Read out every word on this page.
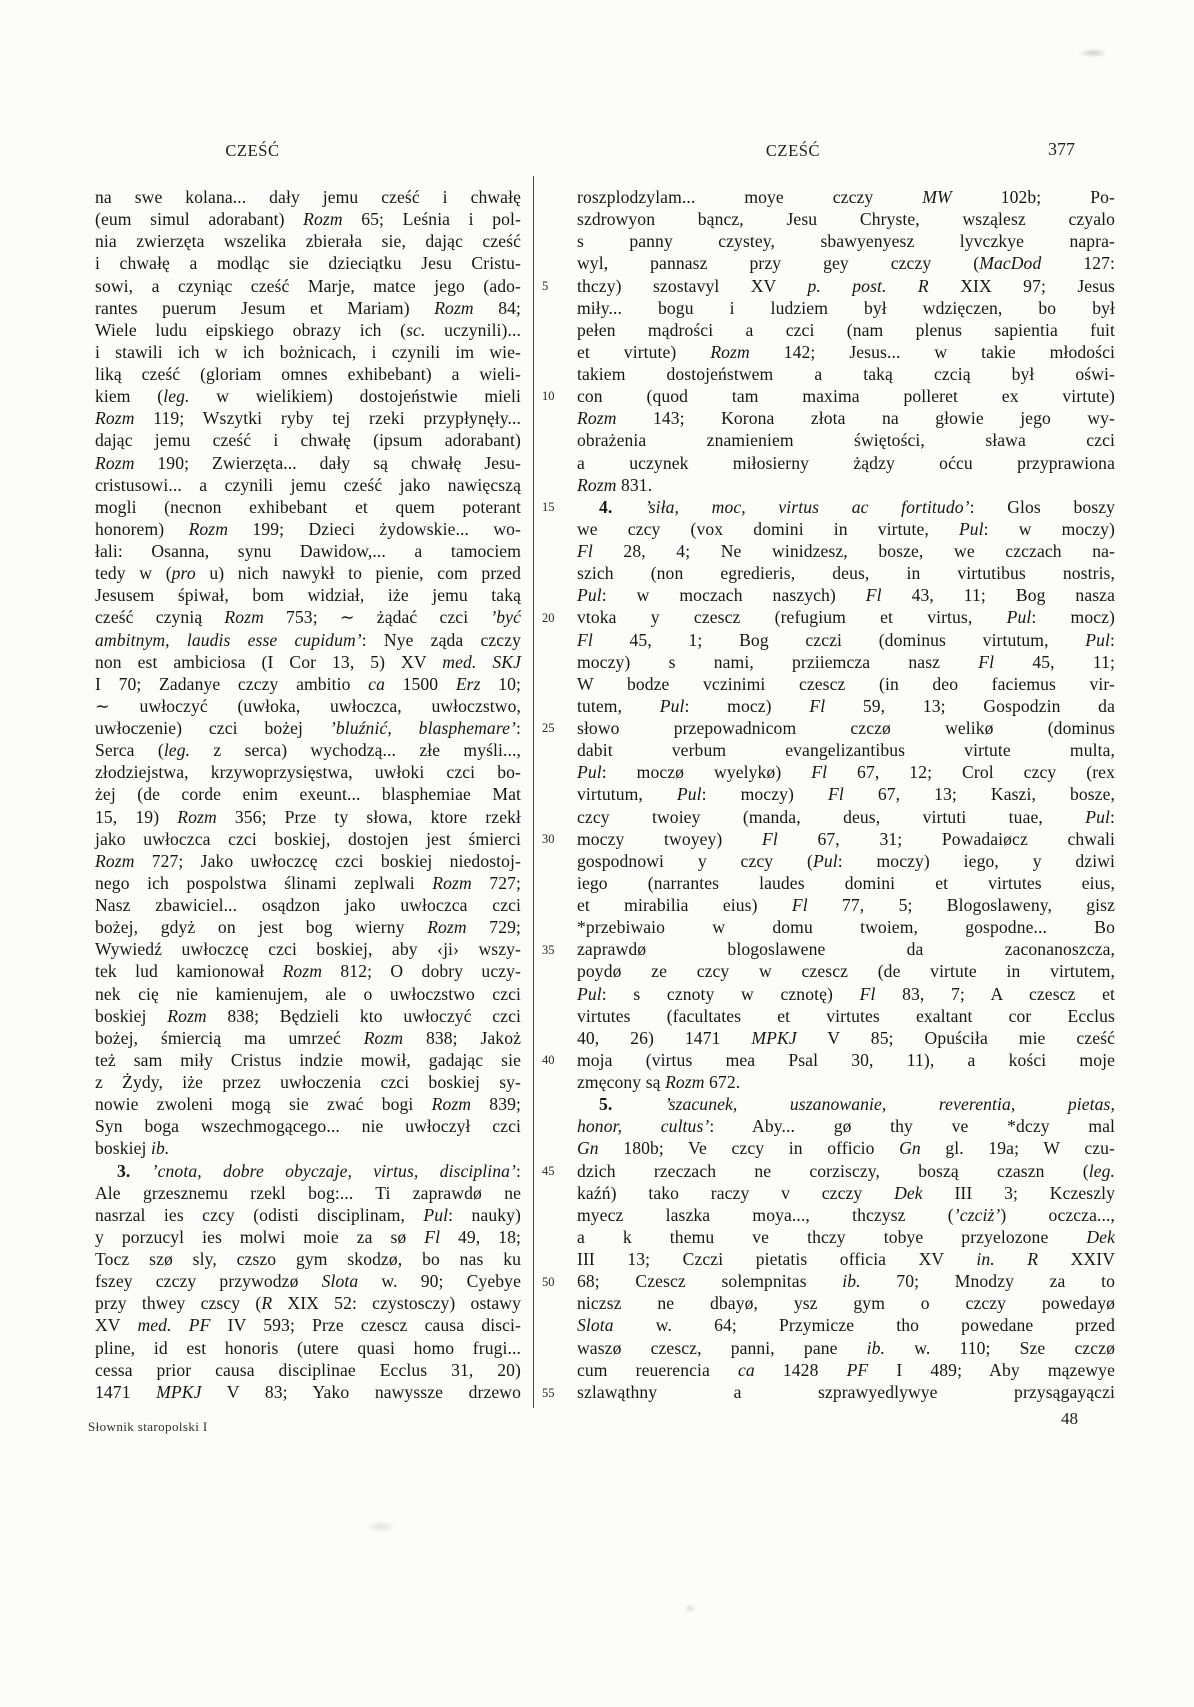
CZEŚĆ	CZEŚĆ	377
na swe kolana... dały jemu cześć i chwałę
(eum simul adorabant) Rozm 65; Leśnia i pol-
nia zwierzęta wszelika zbierała sie, dając cześć
i chwałę a modląc sie dzieciątku Jesu Cristu-
sowi, a czyniąc cześć Marje, matce jego (ado-
rantes puerum Jesum et Mariam) Rozm 84;
Wiele ludu eipskiego obrazy ich (sc. uczynili)...
i stawili ich w ich bożnicach, i czynili im wie-
liką cześć (gloriam omnes exhibebant) a wieli-
kiem (leg. w wielikiem) dostojeństwie mieli
Rozm 119; Wszytki ryby tej rzeki przypłynęły...
dając jemu cześć i chwałę (ipsum adorabant)
Rozm 190; Zwierzęta... dały są chwałę Jesu-
cristusowi... a czynili jemu cześć jako nawięcszą
mogli (necnon exhibebant et quem poterant
honorem) Rozm 199; Dzieci żydowskie... wo-
łali: Osanna, synu Dawidow,... a tamociem
tedy w (pro u) nich nawykł to pienie, com przed
Jesusem śpiwał, bom widział, iże jemu taką
cześć czynią Rozm 753; ∼ żądać czci ’być
ambitnym, laudis esse cupidum’: Nye ząda czczy
non est ambiciosa (I Cor 13, 5) XV med. SKJ
I 70; Zadanye czczy ambitio ca 1500 Erz 10;
∼ uwłoczyć (uwłoka, uwłoczca, uwłoczstwo,
uwłoczenie) czci bożej ’bluźnić, blasphemare’:
Serca (leg. z serca) wychodzą... złe myśli...,
złodziejstwa, krzywoprzysięstwa, uwłoki czci bo-
żej (de corde enim exeunt... blasphemiae Mat
15, 19) Rozm 356; Prze ty słowa, ktore rzekł
jako uwłoczca czci boskiej, dostojen jest śmierci
Rozm 727; Jako uwłoczcę czci boskiej niedostoj-
nego ich pospolstwa ślinami zeplwali Rozm 727;
Nasz zbawiciel... osądzon jako uwłoczca czci
bożej, gdyż on jest bog wierny Rozm 729;
Wywiedź uwłoczcę czci boskiej, aby ‹ji› wszy-
tek lud kamionował Rozm 812; O dobry uczy-
nek cię nie kamienujem, ale o uwłoczstwo czci
boskiej Rozm 838; Będzieli kto uwłoczyć czci
bożej, śmiercią ma umrzeć Rozm 838; Jakoż
też sam miły Cristus indzie mowił, gadając sie
z Żydy, iże przez uwłoczenia czci boskiej sy-
nowie zwoleni mogą sie zwać bogi Rozm 839;
Syn boga wszechmogącego... nie uwłoczył czci
boskiej ib.
3. ’cnota, dobre obyczaje, virtus, disciplina’:
Ale grzesznemu rzekl bog:... Ti zaprawdø ne
nasrzal ies czcy (odisti disciplinam, Pul: nauky)
y porzucyl ies molwi moie za sø Fl 49, 18;
Tocz szø sly, czszo gym skodzø, bo nas ku
fszey czczy przywodzø Slota w. 90; Cyebye
przy thwey czscy (R XIX 52: czystosczy) ostawy
XV med. PF IV 593; Prze czescz causa disci-
pline, id est honoris (utere quasi homo frugi...
cessa prior causa disciplinae Ecclus 31, 20)
1471 MPKJ V 83; Yako nawyssze drzewo
5
10
15
20
25
30
35
40
45
50
55
roszplodzylam... moye czczy MW 102b; Po-
szdrowyon bąncz, Jesu Chryste, wsząlesz czyalo
s panny czystey, sbawyenyesz lyvczkye napra-
wyl, pannasz przy gey czczy (MacDod 127:
thczy) szostavyl XV p. post. R XIX 97; Jesus
miły... bogu i ludziem był wdzięczen, bo był
pełen mądrości a czci (nam plenus sapientia fuit
et virtute) Rozm 142; Jesus... w takie młodości
takiem dostojeństwem a taką czcią był oświ-
con (quod tam maxima polleret ex virtute)
Rozm 143; Korona złota na głowie jego wy-
obrażenia znamieniem świętości, sława czci
a uczynek miłosierny żądzy oćcu przyprawiona
Rozm 831.
4. ’siła, moc, virtus ac fortitudo’: Glos boszy
we czcy (vox domini in virtute, Pul: w moczy)
Fl 28, 4; Ne winidzesz, bosze, we czczach na-
szich (non egredieris, deus, in virtutibus nostris,
Pul: w moczach naszych) Fl 43, 11; Bog nasza
vtoka y czescz (refugium et virtus, Pul: mocz)
Fl 45, 1; Bog czczi (dominus virtutum, Pul:
moczy) s nami, prziiemcza nasz Fl 45, 11;
W bodze vczinimi czescz (in deo faciemus vir-
tutem, Pul: mocz) Fl 59, 13; Gospodzin da
słowo przepowadnicom czczø welikø (dominus
dabit verbum evangelizantibus virtute multa,
Pul: moczø wyelykø) Fl 67, 12; Crol czcy (rex
virtutum, Pul: moczy) Fl 67, 13; Kaszi, bosze,
czcy twoiey (manda, deus, virtuti tuae, Pul:
moczy twoyey) Fl 67, 31; Powadaiøcz chwali
gospodnowi y czcy (Pul: moczy) iego, y dziwi
iego (narrantes laudes domini et virtutes eius,
et mirabilia eius) Fl 77, 5; Blogoslaweny, gisz
*przebiwaio w domu twoiem, gospodne... Bo
zaprawdø blogoslawene da zaconanoszcza,
poydø ze czcy w czescz (de virtute in virtutem,
Pul: s cznoty w cznotę) Fl 83, 7; A czescz et
virtutes (facultates et virtutes exaltant cor Ecclus
40, 26) 1471 MPKJ V 85; Opuściła mie cześć
moja (virtus mea Psal 30, 11), a kości moje
zmęcony są Rozm 672.
5.	’szacunek, uszanowanie, reverentia, pietas,
honor, cultus’: Aby... gø thy ve *dczy mal
Gn 180b; Ve czcy in officio Gn gl. 19a; W czu-
dzich rzeczach ne corzisczy, boszą czaszn (leg.
kaźń) tako raczy v czczy Dek III 3; Kczeszly
myecz laszka moya..., thczysz (’czciż’) oczcza...,
a k themu ve thczy tobye przyelozone Dek
III 13; Czczi pietatis officia XV in. R XXIV
68; Czescz solempnitas ib. 70; Mnodzy za to
niczsz ne dbayø, ysz gym o czczy powedayø
Slota w. 64; Przymicze tho powedane przed
waszø czescz, panni, pane ib. w. 110; Sze czczø
cum reuerencia ca 1428 PF I 489; Aby mązewye
szlawąthny a szprawyedlywye przysągayączi
Słownik staropolski I	48
